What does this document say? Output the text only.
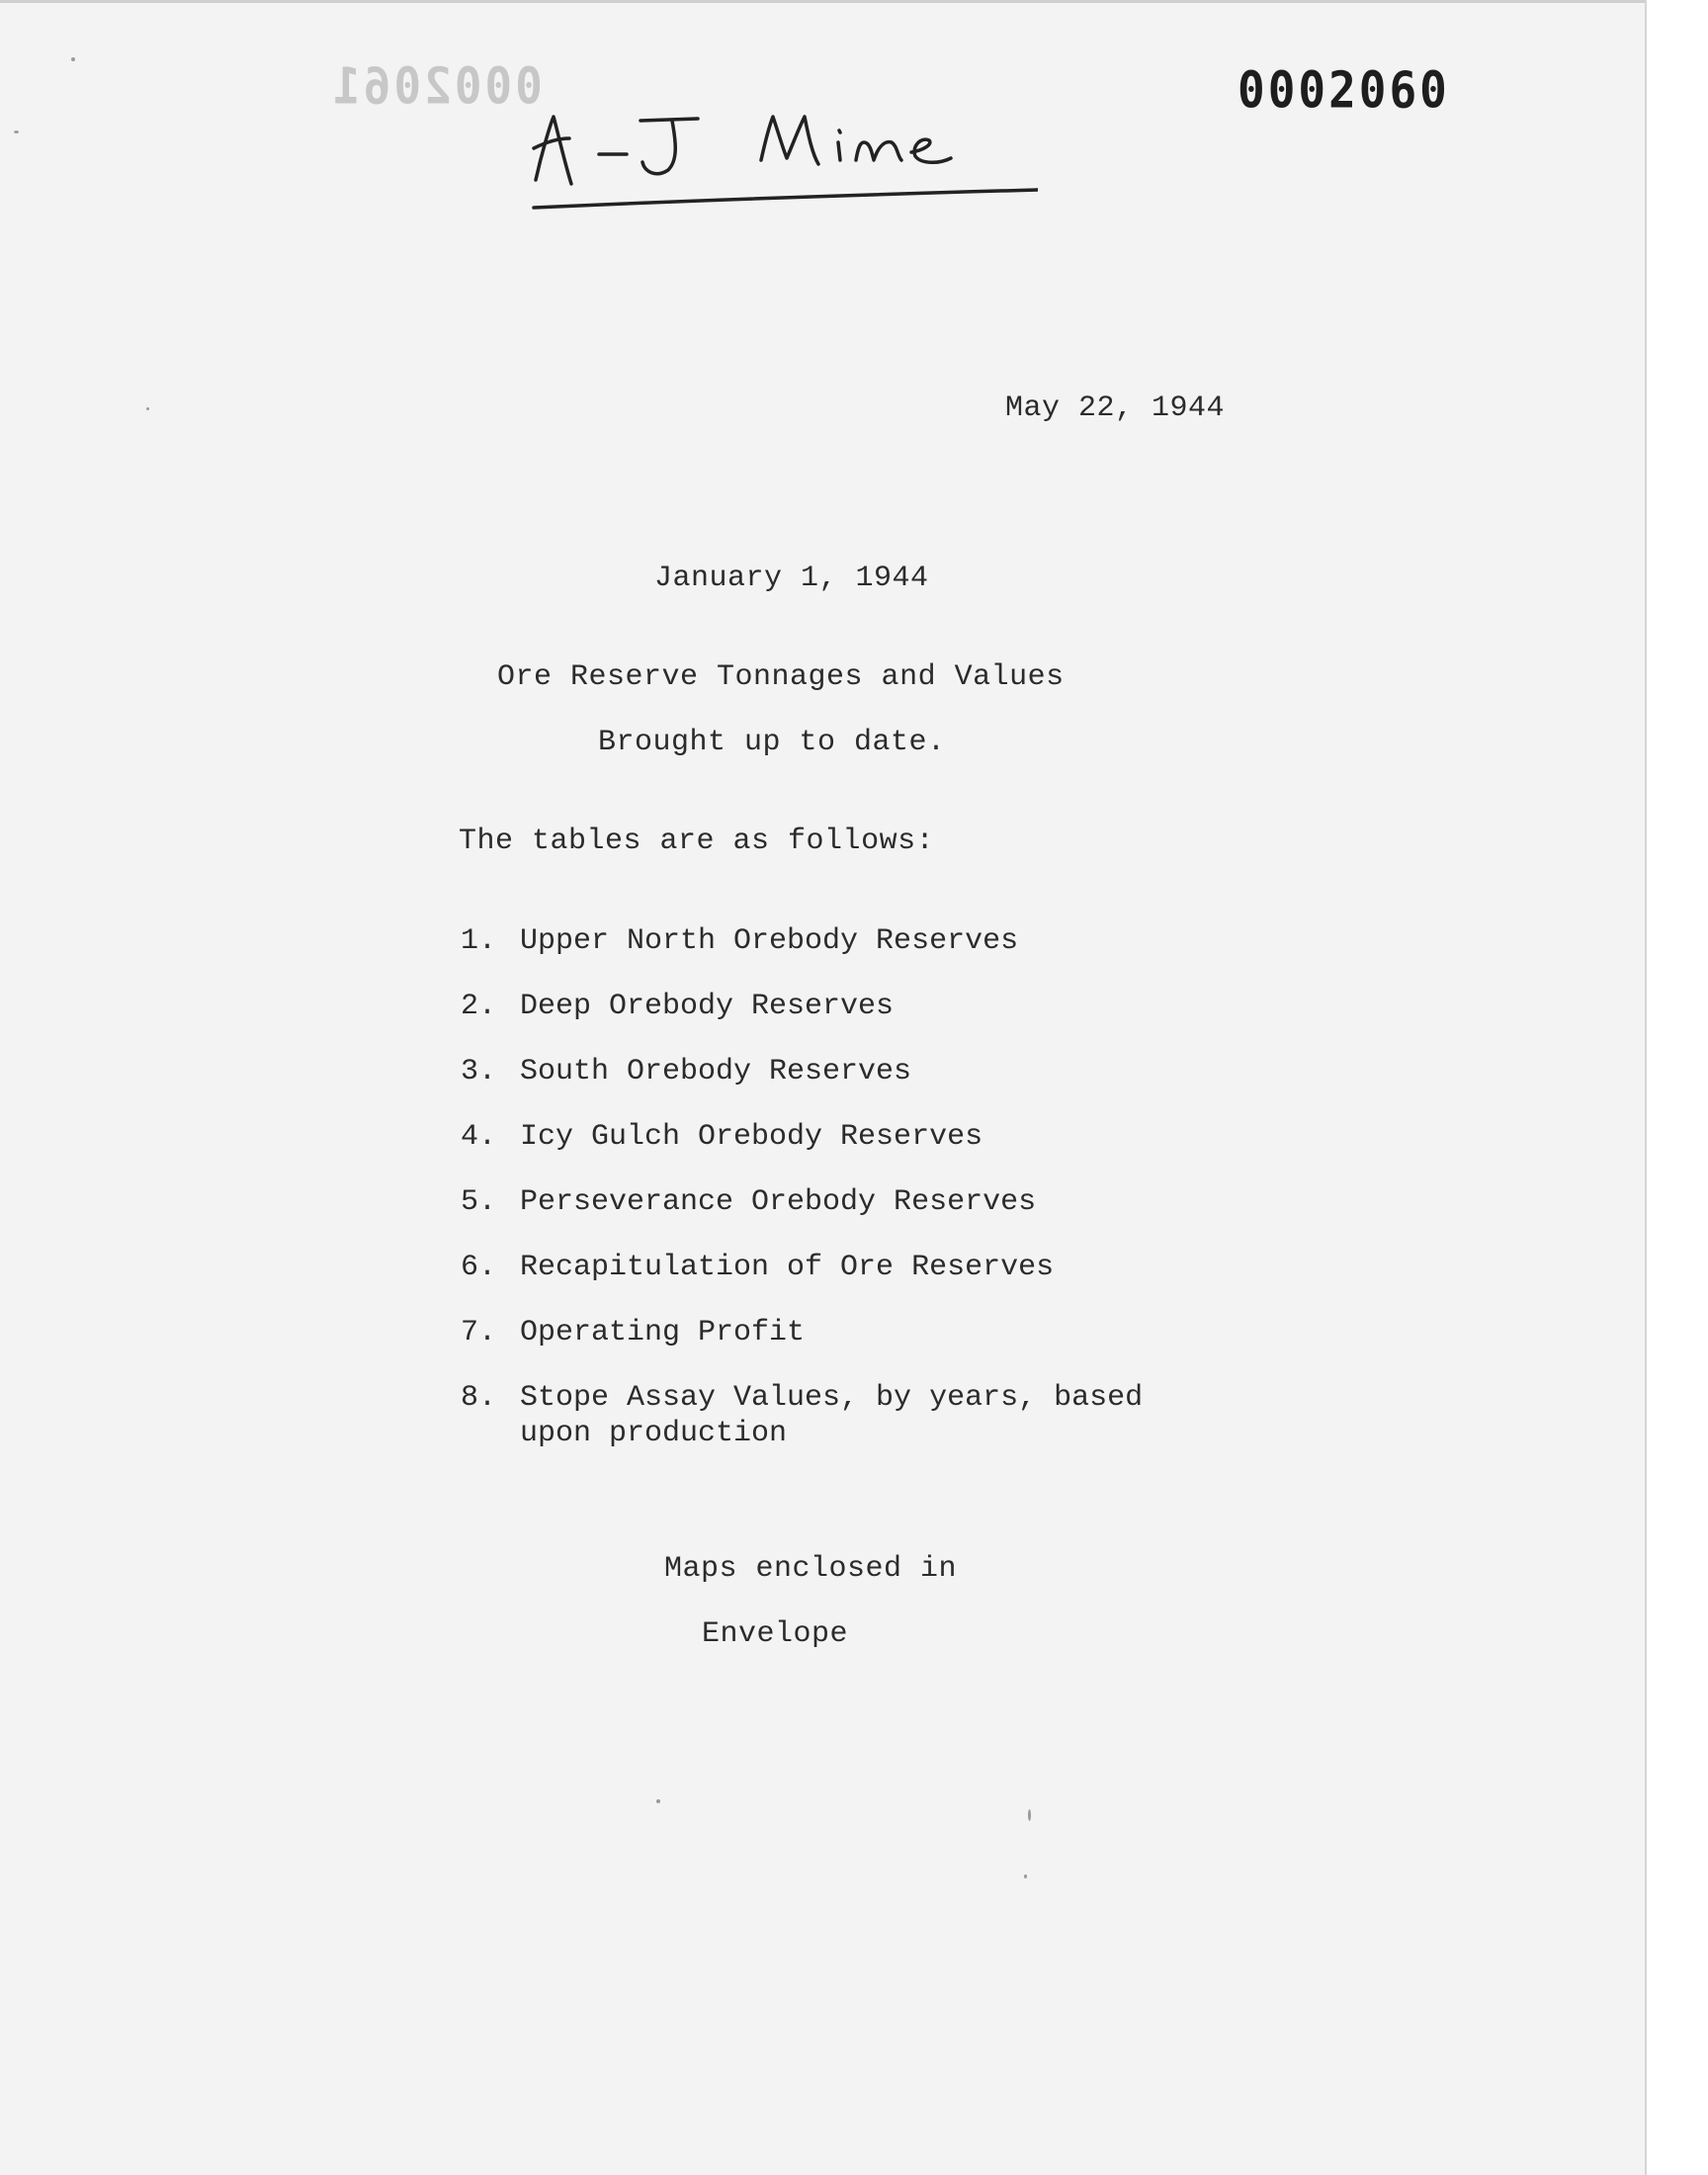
0002061	0002060
May 22, 1944
January 1, 1944
Ore Reserve Tonnages and Values
Brought up to date.
The tables are as follows:
1. Upper North Orebody Reserves
2. Deep Orebody Reserves
3. South Orebody Reserves
4. Icy Gulch Orebody Reserves
5. Perseverance Orebody Reserves
6. Recapitulation of Ore Reserves
7. Operating Profit
8. Stope Assay Values, by years, based
upon production
Maps enclosed in
Envelope
